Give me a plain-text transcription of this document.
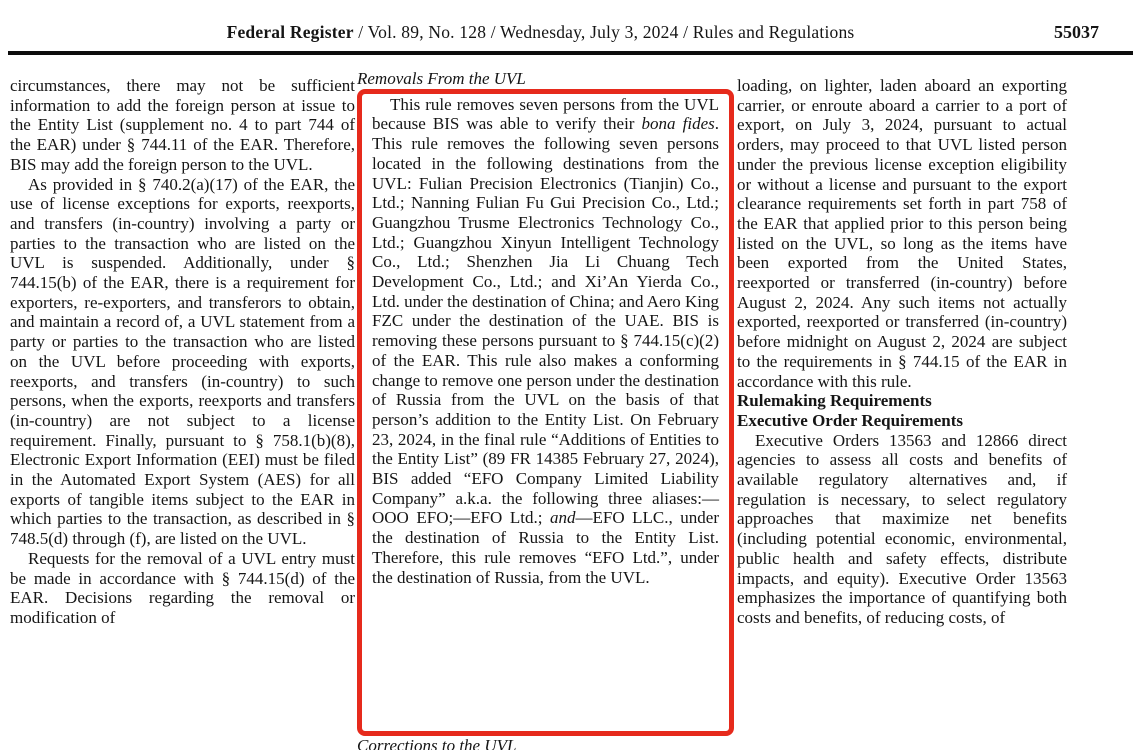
Federal Register / Vol. 89, No. 128 / Wednesday, July 3, 2024 / Rules and Regulations	55037

circumstances, there may not be sufficient information to add the foreign person at issue to the Entity List (supplement no. 4 to part 744 of the EAR) under § 744.11 of the EAR. Therefore, BIS may add the foreign person to the UVL.

As provided in § 740.2(a)(17) of the EAR, the use of license exceptions for exports, reexports, and transfers (in-country) involving a party or parties to the transaction who are listed on the UVL is suspended. Additionally, under § 744.15(b) of the EAR, there is a requirement for exporters, re-exporters, and transferors to obtain, and maintain a record of, a UVL statement from a party or parties to the transaction who are listed on the UVL before proceeding with exports, reexports, and transfers (in-country) to such persons, when the exports, reexports and transfers (in-country) are not subject to a license requirement. Finally, pursuant to § 758.1(b)(8), Electronic Export Information (EEI) must be filed in the Automated Export System (AES) for all exports of tangible items subject to the EAR in which parties to the transaction, as described in § 748.5(d) through (f), are listed on the UVL.

Requests for the removal of a UVL entry must be made in accordance with § 744.15(d) of the EAR. Decisions regarding the removal or modification of

Removals From the UVL

This rule removes seven persons from the UVL because BIS was able to verify their bona fides. This rule removes the following seven persons located in the following destinations from the UVL: Fulian Precision Electronics (Tianjin) Co., Ltd.; Nanning Fulian Fu Gui Precision Co., Ltd.; Guangzhou Trusme Electronics Technology Co., Ltd.; Guangzhou Xinyun Intelligent Technology Co., Ltd.; Shenzhen Jia Li Chuang Tech Development Co., Ltd.; and Xi’An Yierda Co., Ltd. under the destination of China; and Aero King FZC under the destination of the UAE. BIS is removing these persons pursuant to § 744.15(c)(2) of the EAR. This rule also makes a conforming change to remove one person under the destination of Russia from the UVL on the basis of that person’s addition to the Entity List. On February 23, 2024, in the final rule “Additions of Entities to the Entity List” (89 FR 14385 February 27, 2024), BIS added “EFO Company Limited Liability Company” a.k.a. the following three aliases:—OOO EFO;—EFO Ltd.; and—EFO LLC., under the destination of Russia to the Entity List. Therefore, this rule removes “EFO Ltd.”, under the destination of Russia, from the UVL.

Corrections to the UVL

loading, on lighter, laden aboard an exporting carrier, or enroute aboard a carrier to a port of export, on July 3, 2024, pursuant to actual orders, may proceed to that UVL listed person under the previous license exception eligibility or without a license and pursuant to the export clearance requirements set forth in part 758 of the EAR that applied prior to this person being listed on the UVL, so long as the items have been exported from the United States, reexported or transferred (in-country) before August 2, 2024. Any such items not actually exported, reexported or transferred (in-country) before midnight on August 2, 2024 are subject to the requirements in § 744.15 of the EAR in accordance with this rule.

Rulemaking Requirements

Executive Order Requirements

Executive Orders 13563 and 12866 direct agencies to assess all costs and benefits of available regulatory alternatives and, if regulation is necessary, to select regulatory approaches that maximize net benefits (including potential economic, environmental, public health and safety effects, distribute impacts, and equity). Executive Order 13563 emphasizes the importance of quantifying both costs and benefits, of reducing costs, of
